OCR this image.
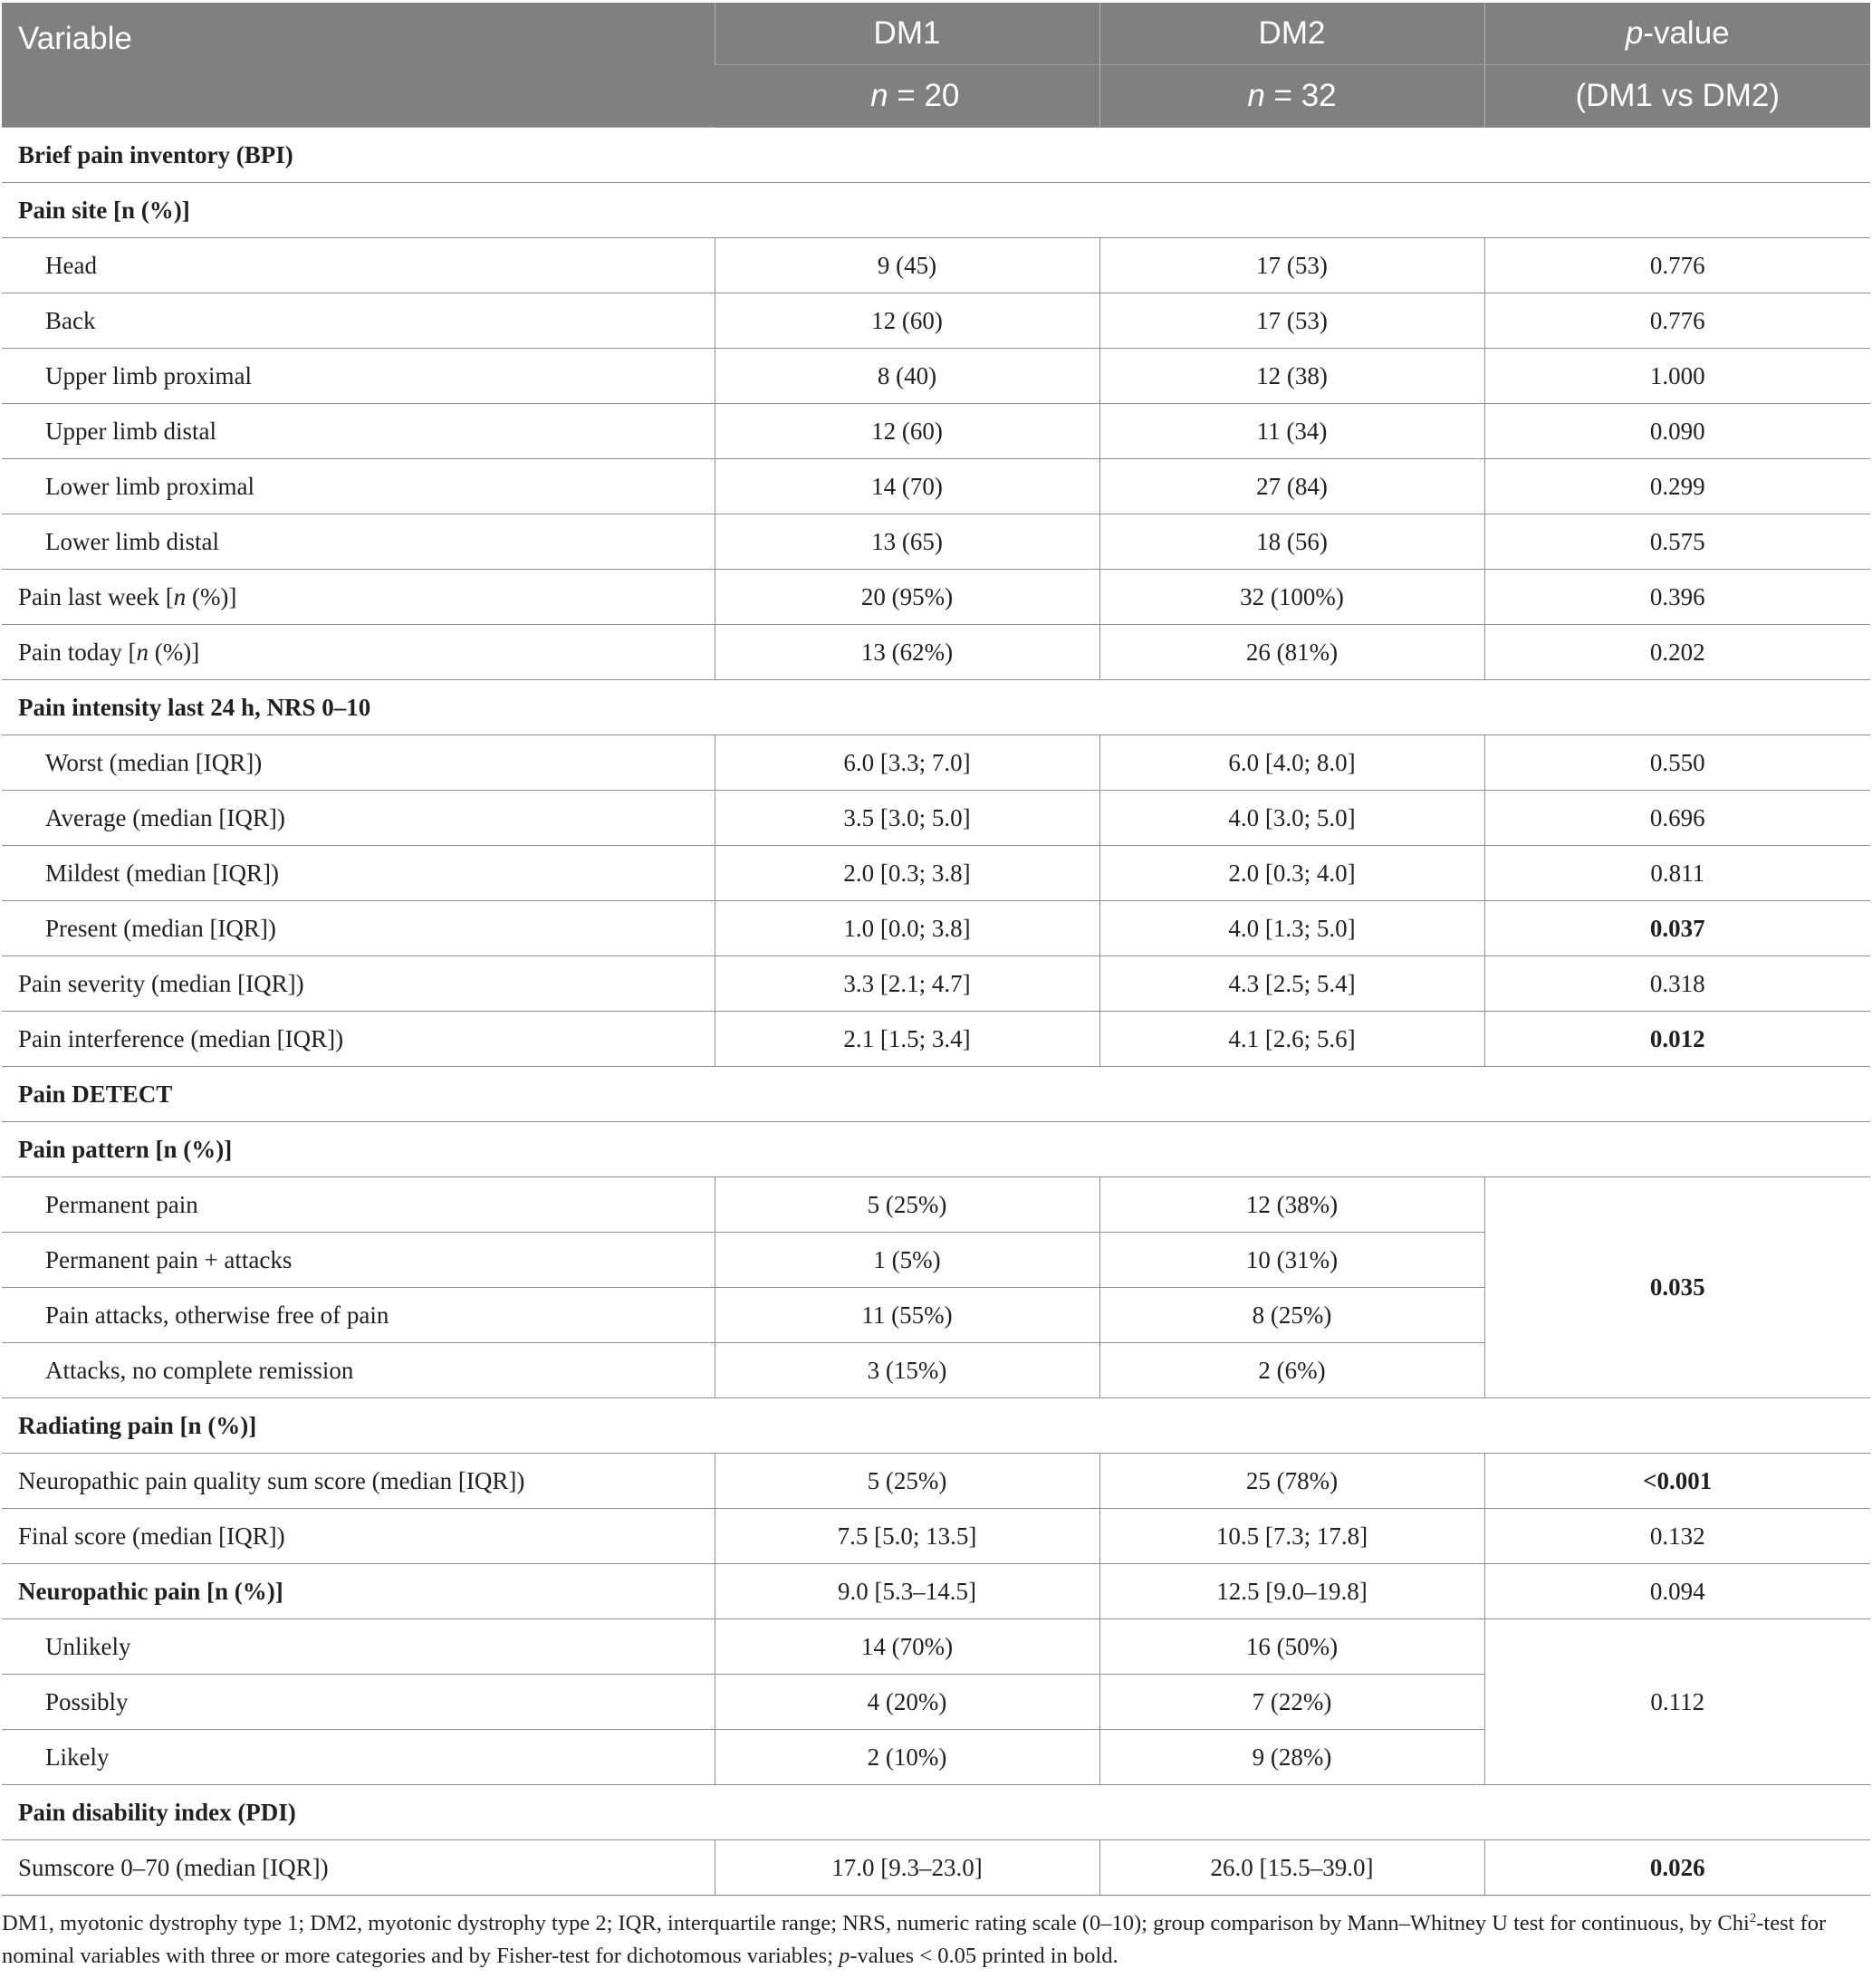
Variable	DM1	DM2	p-value
	n = 20	n = 32	(DM1 vs DM2)
Brief pain inventory (BPI)			
Pain site [n (%)]			
Head	9 (45)	17 (53)	0.776
Back	12 (60)	17 (53)	0.776
Upper limb proximal	8 (40)	12 (38)	1.000
Upper limb distal	12 (60)	11 (34)	0.090
Lower limb proximal	14 (70)	27 (84)	0.299
Lower limb distal	13 (65)	18 (56)	0.575
Pain last week [n (%)]	20 (95%)	32 (100%)	0.396
Pain today [n (%)]	13 (62%)	26 (81%)	0.202
Pain intensity last 24 h, NRS 0–10			
Worst (median [IQR])	6.0 [3.3; 7.0]	6.0 [4.0; 8.0]	0.550
Average (median [IQR])	3.5 [3.0; 5.0]	4.0 [3.0; 5.0]	0.696
Mildest (median [IQR])	2.0 [0.3; 3.8]	2.0 [0.3; 4.0]	0.811
Present (median [IQR])	1.0 [0.0; 3.8]	4.0 [1.3; 5.0]	0.037
Pain severity (median [IQR])	3.3 [2.1; 4.7]	4.3 [2.5; 5.4]	0.318
Pain interference (median [IQR])	2.1 [1.5; 3.4]	4.1 [2.6; 5.6]	0.012
Pain DETECT			
Pain pattern [n (%)]			
Permanent pain	5 (25%)	12 (38%)	0.035
Permanent pain + attacks	1 (5%)	10 (31%)	
Pain attacks, otherwise free of pain	11 (55%)	8 (25%)	
Attacks, no complete remission	3 (15%)	2 (6%)	
Radiating pain [n (%)]			
Neuropathic pain quality sum score (median [IQR])	5 (25%)	25 (78%)	<0.001
Final score (median [IQR])	7.5 [5.0; 13.5]	10.5 [7.3; 17.8]	0.132
Neuropathic pain [n (%)]	9.0 [5.3–14.5]	12.5 [9.0–19.8]	0.094
Unlikely	14 (70%)	16 (50%)	0.112
Possibly	4 (20%)	7 (22%)	
Likely	2 (10%)	9 (28%)	
Pain disability index (PDI)			
Sumscore 0–70 (median [IQR])	17.0 [9.3–23.0]	26.0 [15.5–39.0]	0.026
DM1, myotonic dystrophy type 1; DM2, myotonic dystrophy type 2; IQR, interquartile range; NRS, numeric rating scale (0–10); group comparison by Mann–Whitney U test for continuous, by Chi$^2$-test for nominal variables with three or more categories and by Fisher-test for dichotomous variables; p-values < 0.05 printed in bold.
